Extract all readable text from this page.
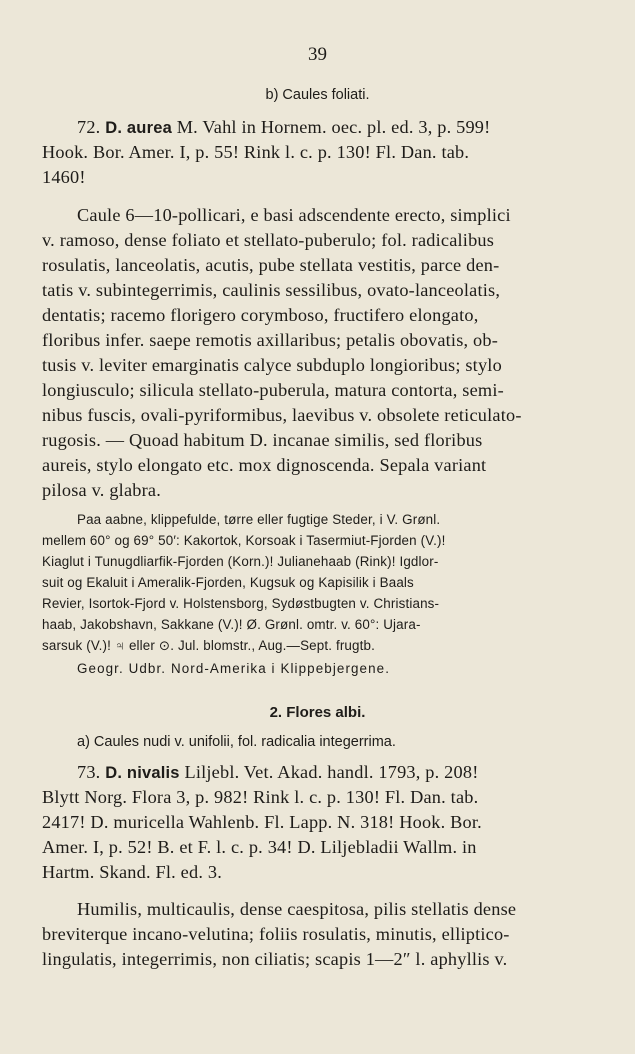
39
b) Caules foliati.
72. D. aurea M. Vahl in Hornem. oec. pl. ed. 3, p. 599!
Hook. Bor. Amer. I, p. 55! Rink l. c. p. 130! Fl. Dan. tab.
1460!
Caule 6—10-pollicari, e basi adscendente erecto, simplici
v. ramoso, dense foliato et stellato-puberulo; fol. radicalibus
rosulatis, lanceolatis, acutis, pube stellata vestitis, parce den-
tatis v. subintegerrimis, caulinis sessilibus, ovato-lanceolatis,
dentatis; racemo florigero corymboso, fructifero elongato,
floribus infer. saepe remotis axillaribus; petalis obovatis, ob-
tusis v. leviter emarginatis calyce subduplo longioribus; stylo
longiusculo; silicula stellato-puberula, matura contorta, semi-
nibus fuscis, ovali-pyriformibus, laevibus v. obsolete reticulato-
rugosis. — Quoad habitum D. incanae similis, sed floribus
aureis, stylo elongato etc. mox dignoscenda. Sepala variant
pilosa v. glabra.
Paa aabne, klippefulde, tørre eller fugtige Steder, i V. Grønl.
mellem 60° og 69° 50′: Kakortok, Korsoak i Tasermiut-Fjorden (V.)!
Kiaglut i Tunugdliarfik-Fjorden (Korn.)! Julianehaab (Rink)! Igdlor-
suit og Ekaluit i Ameralik-Fjorden, Kugsuk og Kapisilik i Baals
Revier, Isortok-Fjord v. Holstensborg, Sydøstbugten v. Christians-
haab, Jakobshavn, Sakkane (V.)! Ø. Grønl. omtr. v. 60°: Ujara-
sarsuk (V.)! ♃ eller ⊙. Jul. blomstr., Aug.—Sept. frugtb.
Geogr. Udbr. Nord-Amerika i Klippebjergene.
2. Flores albi.
a) Caules nudi v. unifolii, fol. radicalia integerrima.
73. D. nivalis Liljebl. Vet. Akad. handl. 1793, p. 208!
Blytt Norg. Flora 3, p. 982! Rink l. c. p. 130! Fl. Dan. tab.
2417! D. muricella Wahlenb. Fl. Lapp. N. 318! Hook. Bor.
Amer. I, p. 52! B. et F. l. c. p. 34! D. Liljebladii Wallm. in
Hartm. Skand. Fl. ed. 3.
Humilis, multicaulis, dense caespitosa, pilis stellatis dense
breviterque incano-velutina; foliis rosulatis, minutis, elliptico-
lingulatis, integerrimis, non ciliatis; scapis 1—2″ l. aphyllis v.
